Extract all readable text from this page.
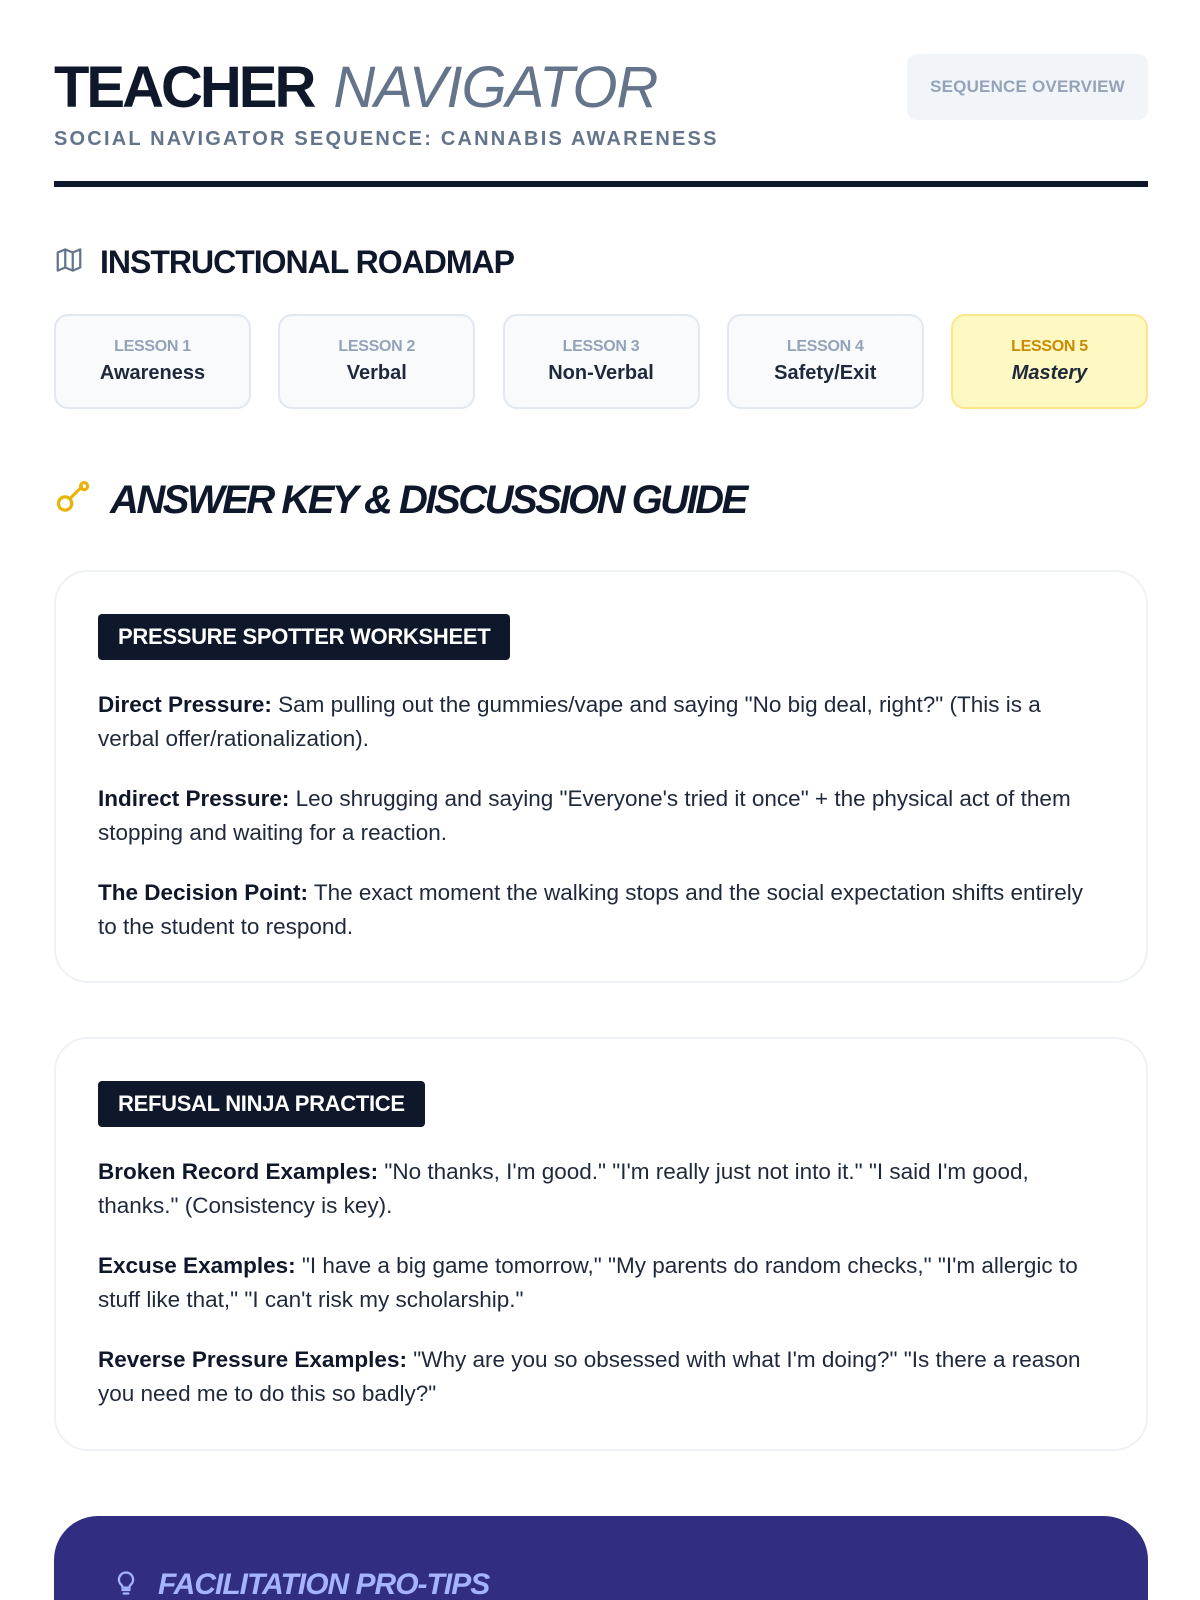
TEACHER NAVIGATOR
SOCIAL NAVIGATOR SEQUENCE: CANNABIS AWARENESS
SEQUENCE OVERVIEW
INSTRUCTIONAL ROADMAP
LESSON 1
Awareness
LESSON 2
Verbal
LESSON 3
Non-Verbal
LESSON 4
Safety/Exit
LESSON 5
Mastery
ANSWER KEY & DISCUSSION GUIDE
PRESSURE SPOTTER WORKSHEET

Direct Pressure: Sam pulling out the gummies/vape and saying "No big deal, right?" (This is a verbal offer/rationalization).

Indirect Pressure: Leo shrugging and saying "Everyone's tried it once" + the physical act of them stopping and waiting for a reaction.

The Decision Point: The exact moment the walking stops and the social expectation shifts entirely to the student to respond.

REFUSAL NINJA PRACTICE

Broken Record Examples: "No thanks, I'm good." "I'm really just not into it." "I said I'm good, thanks." (Consistency is key).

Excuse Examples: "I have a big game tomorrow," "My parents do random checks," "I'm allergic to stuff like that," "I can't risk my scholarship."

Reverse Pressure Examples: "Why are you so obsessed with what I'm doing?" "Is there a reason you need me to do this so badly?"

FACILITATION PRO-TIPS
